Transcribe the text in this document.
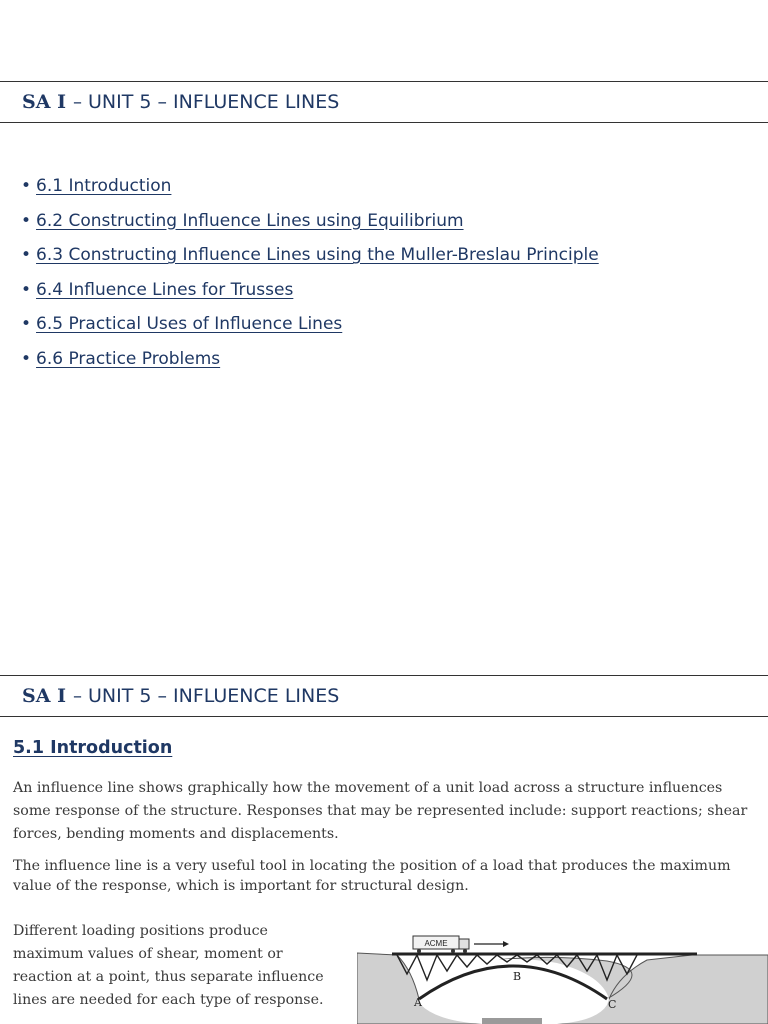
SA I – UNIT 5 – INFLUENCE LINES
• 6.1 Introduction
• 6.2 Constructing Influence Lines using Equilibrium
• 6.3 Constructing Influence Lines using the Muller-Breslau Principle
• 6.4 Influence Lines for Trusses
• 6.5 Practical Uses of Influence Lines
• 6.6 Practice Problems
SA I – UNIT 5 – INFLUENCE LINES
5.1 Introduction

An influence line shows graphically how the movement of a unit load across a structure influences some response of the structure. Responses that may be represented include: support reactions; shear forces, bending moments and displacements.

The influence line is a very useful tool in locating the position of a load that produces the maximum value of the response, which is important for structural design.

Different loading positions produce maximum values of shear, moment or reaction at a point, thus separate influence lines are needed for each type of response.

ACME
A
B
C
